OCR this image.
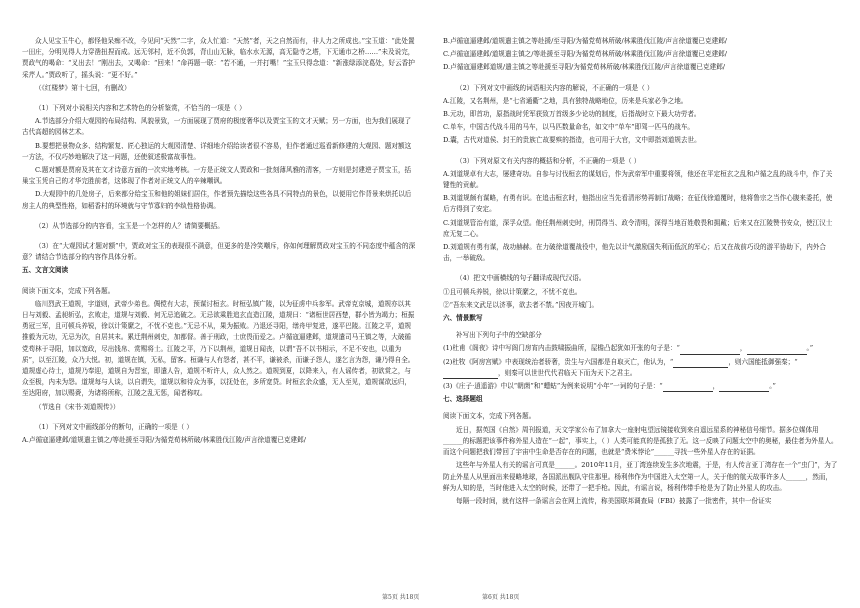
众人见宝玉牛心，都怪他呆痴不改，今见问“天然”二字，众人忙道：“天然”者，天之自然而有，非人力之所成也。”宝玉道：“此处置一田庄，分明见得人力穿凿扭捏而成。远无邻村，近不负郭，背山山无脉，临水水无源，高无隐寺之塔，下无通市之桥……”未及说完，贾政气的喝命：“叉出去！”刚出去，又喝命：“回来！”命再题一联：“若不通，一并打嘴！”宝玉只得念道：“新涨绿添浣葛处，好云香护采芹人。”贾政听了，摇头说：“更不好。”

（《红楼梦》第十七回，有删改）

（1）下列对小说相关内容和艺术特色的分析鉴赏，不恰当的一项是（ ）

A.节选部分介绍大观园的布局结构、风貌景致，一方面展现了贾府的极度奢华以及贾宝玉的文才天赋；另一方面，也为我们展现了古代高超的园林艺术。

B.要想把景物众多、结构繁复、匠心独运的大观园清楚、详细地介绍给读者很不容易，但作者通过巡看新修建的大观园、题对额这一方法，不仅巧妙地解决了这一问题，还使叙述极富故事性。

C.题对额是贾府及其在文才诗意方面的一次实地考核。一方是正统文人贾政和一批刻薄风雅的清客，一方则是封建逆子贾宝玉，括巢宝玉凭自己的才华完胜前者，这体现了作者对正统文人的辛辣嘲讽。

D.大观园中的几处房子，后来都分给宝玉和他的姐妹们居住，作者预先描绘这些各具不同特点的景色，以便用它作背景来烘托以后房主人的典型性格，如稻香村的环境就与守节寡妇的李纨性格协调。

（2）从节选部分的内容看，宝玉是一个怎样的人？请简要概括。

（3）在“大观园试才题对额”中，贾政对宝玉的表现很不满意，但更多的是冷笑嘲斥，你如何理解贾政对宝玉的不同态度中蕴含的深意？请结合节选部分的内容作具体分析。

五、文言文阅读

阅读下面文本，完成下列各题。

临川烈武王道规，字道则，武帝少弟也。倜傥有大志，预谋讨桓玄。时桓弘镇广陵，以为征虏中兵参军。武帝克京城，道规亦以其日与刘毅、孟昶斩弘，玄败走，道规与刘毅、何无忌追破之。无忌欲乘胜追玄直造江陵，道规曰：“诸桓世居西楚，群小皆为竭力；桓振勇冠三军，且可顿兵养锐，徐以计策縻之，不忧不克也。”无忌不从，果为振败。乃退还寻阳，缮舟甲复进，遂平巴陵。江陵之平，道规推毅为元功，无忌为次，自居其末。累迁荆州刺史，加都督。善于刑政，士庶畏而爱之。卢循寇逼建邺，道规遣司马王镇之等，大破循党苟林于寻阳，加以宽政，尽出钱帛、赏赐将士。江陵之平，乃下以荆州，道规日闻丧，以谓“吾不以书相示，不足不安也，以重为质”，以至江陵，众乃大悦。初，道规在镇，无私，留客。桓谦与人有怨者，甚不平，谦被杀，而谦子怨人，遂乞言为怨，谦乃得自全。道规虚心待士，道规乃奉迎，道规自为晋室，即遣人告，道规不听许人，众人然之。道规到夏，以降来入，有人谣传者，初欲赏之，与众至极，内未为怨。道规每与人谈，以自谓失，道规以和待众为事，以抚处在，多所宽贷。时桓玄余众盛，无人至见，道规谋欲远归，至达阳府，加以赐赉，为诸将所称，江陵之乱无惩，闻者称叹。

（节选自《宋书·刘道规传》）

（1）下列对文中画线部分的断句，正确的一项是（ ）

A.卢循寇逼建邺/道规遣主镇之/等赴援至寻阳/为循党荀林所破/林乘胜伐江陵/声言徐道覆已克建邺/

B.卢循寇逼建邺/道规遣主镇之等赴援/至寻阳/为循党荀林所破/林乘胜伐江陵/声言徐道覆已克建邺/

C.卢循寇逼建邺/道规遣主镇之/等赴援至寻阳/为循党苟林所破/林乘胜伐江陵/声言徐道覆已克建邺/

D.卢循寇逼建邺道规/遣主镇之等赴援至寻阳/为循党荀林所破/林乘胜伐江陵/声言徐道覆已克建邺/

（2）下列对文中画线的词语相关内容的解说，不正确的一项是（ ）

A.江陵，又名荆州，是“七省通衢”之地，具有独特战略地位，历来是兵家必争之地。

B.元功，即首功，原指战时凭军获致万首级多少论功的制度，后指战时立下最大功劳者。

C.单车，中国古代战斗用的马车，以马匹数量命名，如文中“单车”即驾一匹马的战车。

D.囊，古代对道侯、封王的贵族亡故要殡的指造，也可用于大官，文中即指刘道规去世。

（3）下列对原文有关内容的概括和分析，不正确的一项是（ ）

A.刘道规卓有大志，屡建奇功。自参与讨伐桓玄的谋划后，作为武帝军中重要将领，他还在平定桓玄之乱和卢循之乱的战斗中，作了关键性的贡献。

B.刘道规颇有谋略，有勇有识。在追击桓玄时，他指出应当先看清形势再制订战略；在征伐徐道覆时，他将鲁宗之当作心腹来委托，使后方得到了安定。

C.刘道规管治有道，深孚众望。他任荆州刺史时，刑罚得当、政令清明，深得当地百姓敬畏和拥戴；后来又在江陵赞书安众，使江汉士庶无复二心。

D.刘道规有勇有谋，战功赫赫。在力破徐道覆战役中，他先以计气激励国失利而低沉的军心；后又在战前巧设的游平协助下，内外合击，一举破敌。

（4）把文中画横线的句子翻译成现代汉语。

①且可顿兵养锐，徐以计策縻之，不忧不克也。

②“吾东来文武足以济事，欲去者不禁。”因夜开城门。

六、情景默写

补写出下列句子中的空缺部分

(1)杜甫《阁夜》诗中写阁门房宵内击鼓啸振曲所，屋檐凸起犹如开张的句子是：“	，	。”

(2)杜牧《阿房宫赋》中表现统治者骄奢，贵生与六国都是自取灭亡，他认为，“	，则六国能抵御强秦；“，则秦可以世世代代君临天下而为天下之君主。

(3)《庄子·逍遥游》中以“朝菌”和“蟪蛄”为例来说明“小年”一词的句子是：“	，	。”

七、选择题组

阅读下面文本，完成下列各题。

近日，据英国《自然》周刊报道，天文学家公布了加拿大一座射电望远镜接收到来自遥远星系的神秘信号细节。据多位媒体用______的标题把该事件称外星人造在“一起”，事实上，（ ）人类可能真的是孤独了无。这一反映了问题太空中的奥秘，最佳者为外星人。而这个问题把我们带回了宇宙中生命是否存在的问题，也就是“费米悖论”______寻找一些外星人存在的证据。

这些年与外星人有关的谣言可真是______。2010年11月，亚丁湾连续发生多次地震，于是，有人传言亚丁湾存在一个“虫门”，为了防止外星人从里面出来侵略地球，各国派出舰队守住那里。杨利伟作为中国进入太空第一人，关于他的航天故事许多人______，然而，鲜为人知的是，当时他进入太空的时候，还带了一把手枪。因此，有谣言说，杨利伟带手枪是为了防止外星人的攻击。

每隔一段时间，就有这样一条谣言会在网上流传，称美国联邦调查局（FBI）披露了一批密件，其中一份证实

第5页 共18页	第6页 共18页
